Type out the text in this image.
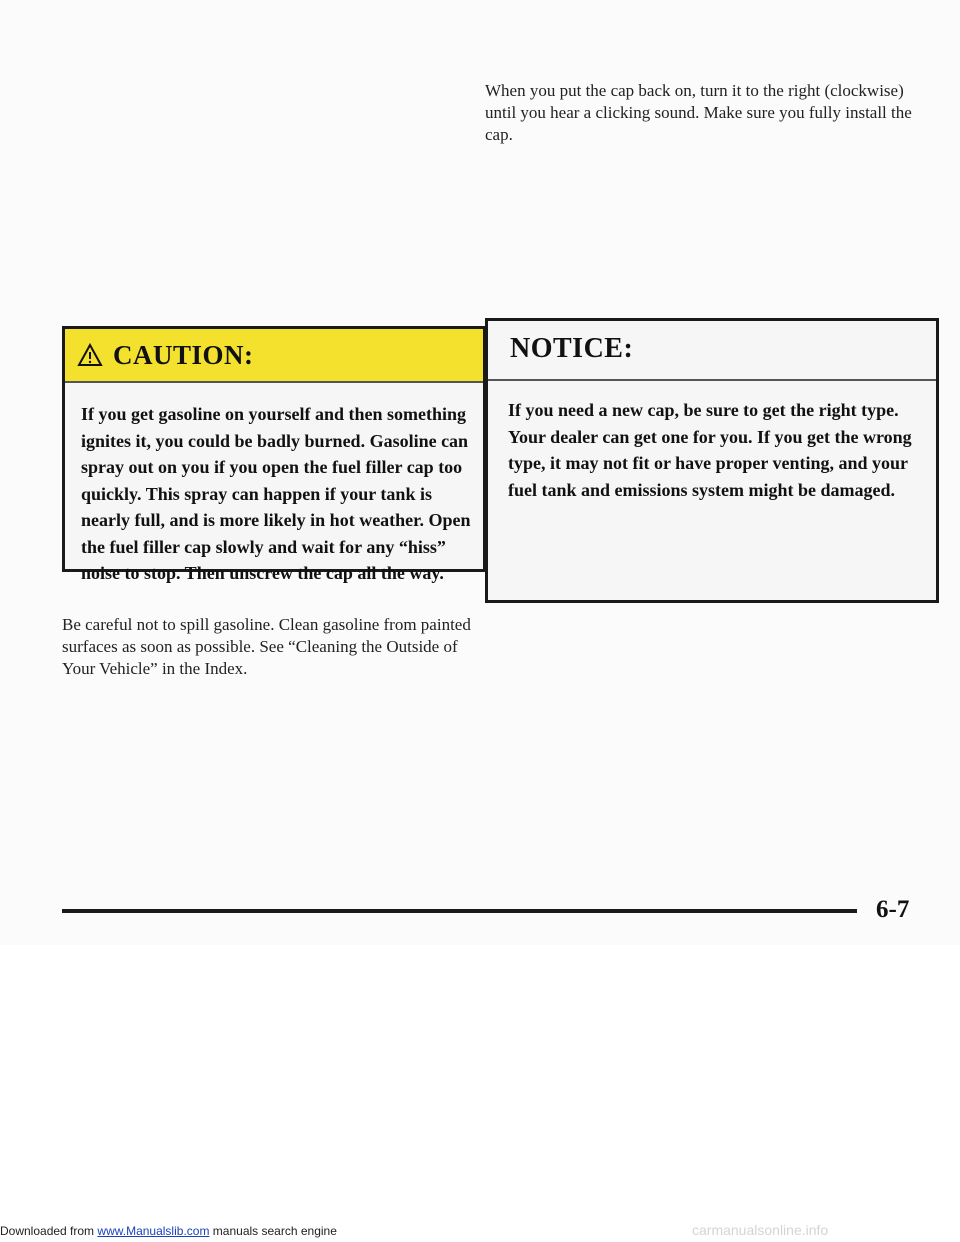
CAUTION:

If you get gasoline on yourself and then something ignites it, you could be badly burned. Gasoline can spray out on you if you open the fuel filler cap too quickly. This spray can happen if your tank is nearly full, and is more likely in hot weather. Open the fuel filler cap slowly and wait for any “hiss” noise to stop. Then unscrew the cap all the way.

When you put the cap back on, turn it to the right (clockwise) until you hear a clicking sound. Make sure you fully install the cap.

NOTICE:

If you need a new cap, be sure to get the right type. Your dealer can get one for you. If you get the wrong type, it may not fit or have proper venting, and your fuel tank and emissions system might be damaged.

Be careful not to spill gasoline. Clean gasoline from painted surfaces as soon as possible. See “Cleaning the Outside of Your Vehicle” in the Index.

6-7
Downloaded from www.Manualslib.com manuals search engine	carmanualsonline.info
